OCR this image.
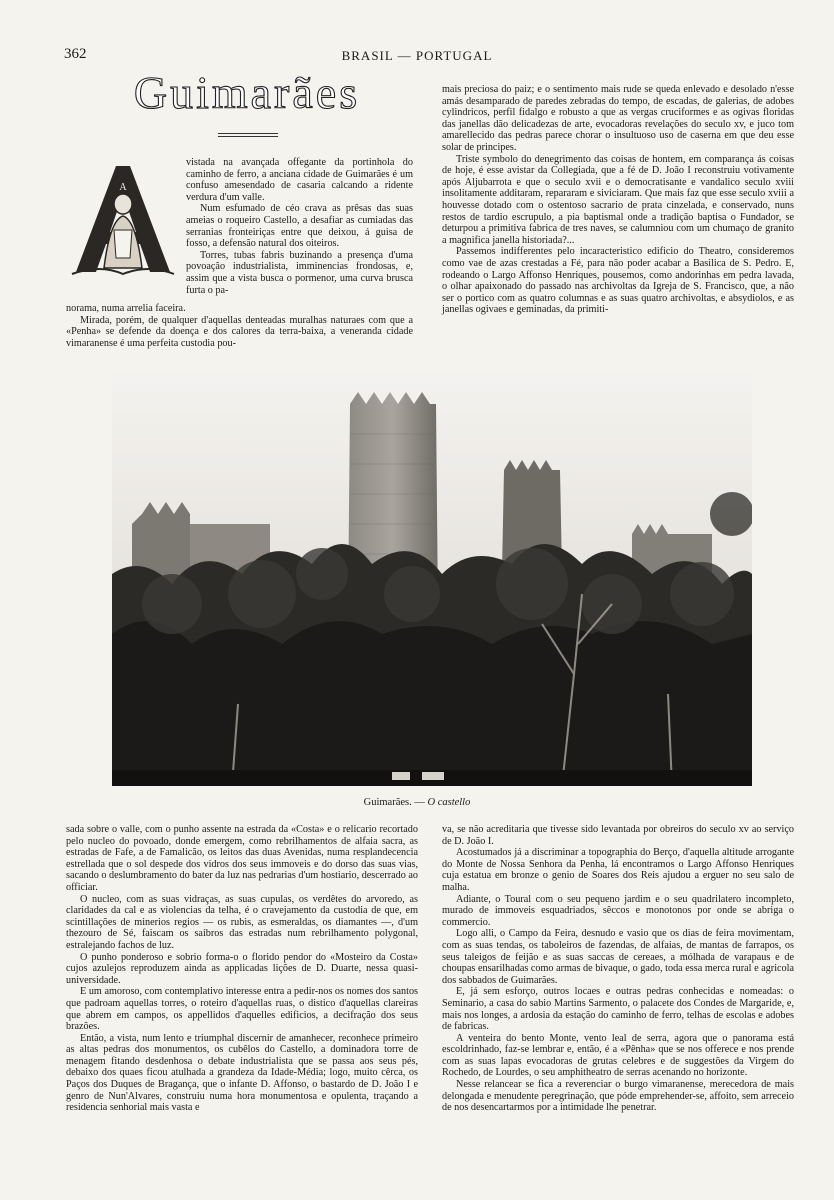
362	BRASIL — PORTUGAL
Guimarães
A

vistada na avançada offegante da portinhola do caminho de ferro, a anciana cidade de Guimarães é um confuso amesendado de casaria calcando a ridente verdura d'um valle.

Num esfumado de céo crava as prêsas das suas ameias o roqueiro Castello, a desafiar as cumiadas das serranias fronteiriças entre que deixou, á guisa de fosso, a defensão natural dos oiteiros.

Torres, tubas fabris buzinando a presença d'uma povoação industrialista, imminencias frondosas, e, assim que a vista busca o pormenor, uma curva brusca furta o pa-

norama, numa arrelia faceira.

Mirada, porém, de qualquer d'aquellas denteadas muralhas naturaes com que a «Penha» se defende da doença e dos calores da terra-baixa, a veneranda cidade vimaranense é uma perfeita custodia pou-

mais preciosa do paiz; e o sentimento mais rude se queda enlevado e desolado n'esse amás desamparado de paredes zebradas do tempo, de escadas, de galerias, de adobes cylindricos, perfil fidalgo e robusto a que as vergas cruciformes e as ogivas floridas das janellas dão delicadezas de arte, evocadoras revelações do seculo xv, e juco tom amarellecido das pedras parece chorar o insultuoso uso de caserna em que deu esse solar de principes.

Triste symbolo do denegrimento das coisas de hontem, em comparança ás coisas de hoje, é esse avistar da Collegiada, que a fé de D. João I reconstruiu votivamente após Aljubarrota e que o seculo xvii e o democratisante e vandalico seculo xviii insolitamente additaram, repararam e siviciaram. Que mais faz que esse seculo xviii a houvesse dotado com o ostentoso sacrario de prata cinzelada, e conservado, nuns restos de tardio escrupulo, a pia baptismal onde a tradição baptisa o Fundador, se deturpou a primitiva fabrica de tres naves, se calumniou com um chumaço de granito a magnifica janella historiada?...

Passemos indifferentes pelo incaracteristico edificio do Theatro, consideremos como vae de azas crestadas a Fé, para não poder acabar a Basilica de S. Pedro. E, rodeando o Largo Affonso Henriques, pousemos, como andorinhas em pedra lavada, o olhar apaixonado do passado nas archivoltas da Igreja de S. Francisco, que, a não ser o portico com as quatro columnas e as suas quatro archivoltas, e absydiolos, e as janellas ogivaes e geminadas, da primiti-

Guimarães. — O castello

sada sobre o valle, com o punho assente na estrada da «Costa» e o relicario recortado pelo nucleo do povoado, donde emergem, como rebrilhamentos de alfaia sacra, as estradas de Fafe, a de Famalicão, os leitos das duas Avenidas, numa resplandecencia estrellada que o sol despede dos vidros dos seus immoveis e do dorso das suas vias, sacando o deslumbramento do bater da luz nas pedrarias d'um hostiario, descerrado ao officiar.

O nucleo, com as suas vidraças, as suas cupulas, os verdêtes do arvoredo, as claridades da cal e as violencias da telha, é o cravejamento da custodia de que, em scintillações de minerios regios — os rubis, as esmeraldas, os diamantes —, d'um thezouro de Sé, faiscam os saibros das estradas num rebrilhamento polygonal, estralejando fachos de luz.

O punho ponderoso e sobrio forma-o o florido pendor do «Mosteiro da Costa» cujos azulejos reproduzem ainda as applicadas lições de D. Duarte, nessa quasi-universidade.

E um amoroso, com contemplativo interesse entra a pedir-nos os nomes dos santos que padroam aquellas torres, o roteiro d'aquellas ruas, o distico d'aquellas clareiras que abrem em campos, os appellidos d'aquelles edificios, a decifração dos seus brazões.

Então, a vista, num lento e triumphal discernir de amanhecer, reconhece primeiro as altas pedras dos monumentos, os cubêlos do Castello, a dominadora torre de menagem fitando desdenhosa o debate industrialista que se passa aos seus pés, debaixo dos quaes ficou atulhada a grandeza da Idade-Média; logo, muito cêrca, os Paços dos Duques de Bragança, que o infante D. Affonso, o bastardo de D. João I e genro de Nun'Alvares, construiu numa hora monumentosa e opulenta, traçando a residencia senhorial mais vasta e

va, se não acreditaria que tivesse sido levantada por obreiros do seculo xv ao serviço de D. João I.

Acostumados já a discriminar a topographia do Berço, d'aquella altitude arrogante do Monte de Nossa Senhora da Penha, lá encontramos o Largo Affonso Henriques cuja estatua em bronze o genio de Soares dos Reis ajudou a erguer no seu salo de malha.

Adiante, o Toural com o seu pequeno jardim e o seu quadrilatero incompleto, murado de immoveis esquadriados, sêccos e monotonos por onde se abriga o commercio.

Logo alli, o Campo da Feira, desnudo e vasio que os dias de feira movimentam, com as suas tendas, os taboleiros de fazendas, de alfaias, de mantas de farrapos, os seus taleigos de feijão e as suas saccas de cereaes, a mólhada de varapaus e de choupas ensarilhadas como armas de bivaque, o gado, toda essa merca rural e agricola dos sabbados de Guimarães.

E, já sem esforço, outros locaes e outras pedras conhecidas e nomeadas: o Seminario, a casa do sabio Martins Sarmento, o palacete dos Condes de Margaride, e, mais nos longes, a ardosia da estação do caminho de ferro, telhas de escolas e adobes de fabricas.

A venteira do bento Monte, vento leal de serra, agora que o panorama está escoldrinhado, faz-se lembrar e, então, é a «Pênha» que se nos offerece e nos prende com as suas lapas evocadoras de grutas celebres e de suggestões da Virgem do Rochedo, de Lourdes, o seu amphitheatro de serras acenando no horizonte.

Nesse relancear se fica a reverenciar o burgo vimaranense, merecedora de mais delongada e menudente peregrinação, que póde emprehender-se, affoito, sem arreceio de nos desencartarmos por a intimidade lhe penetrar.
